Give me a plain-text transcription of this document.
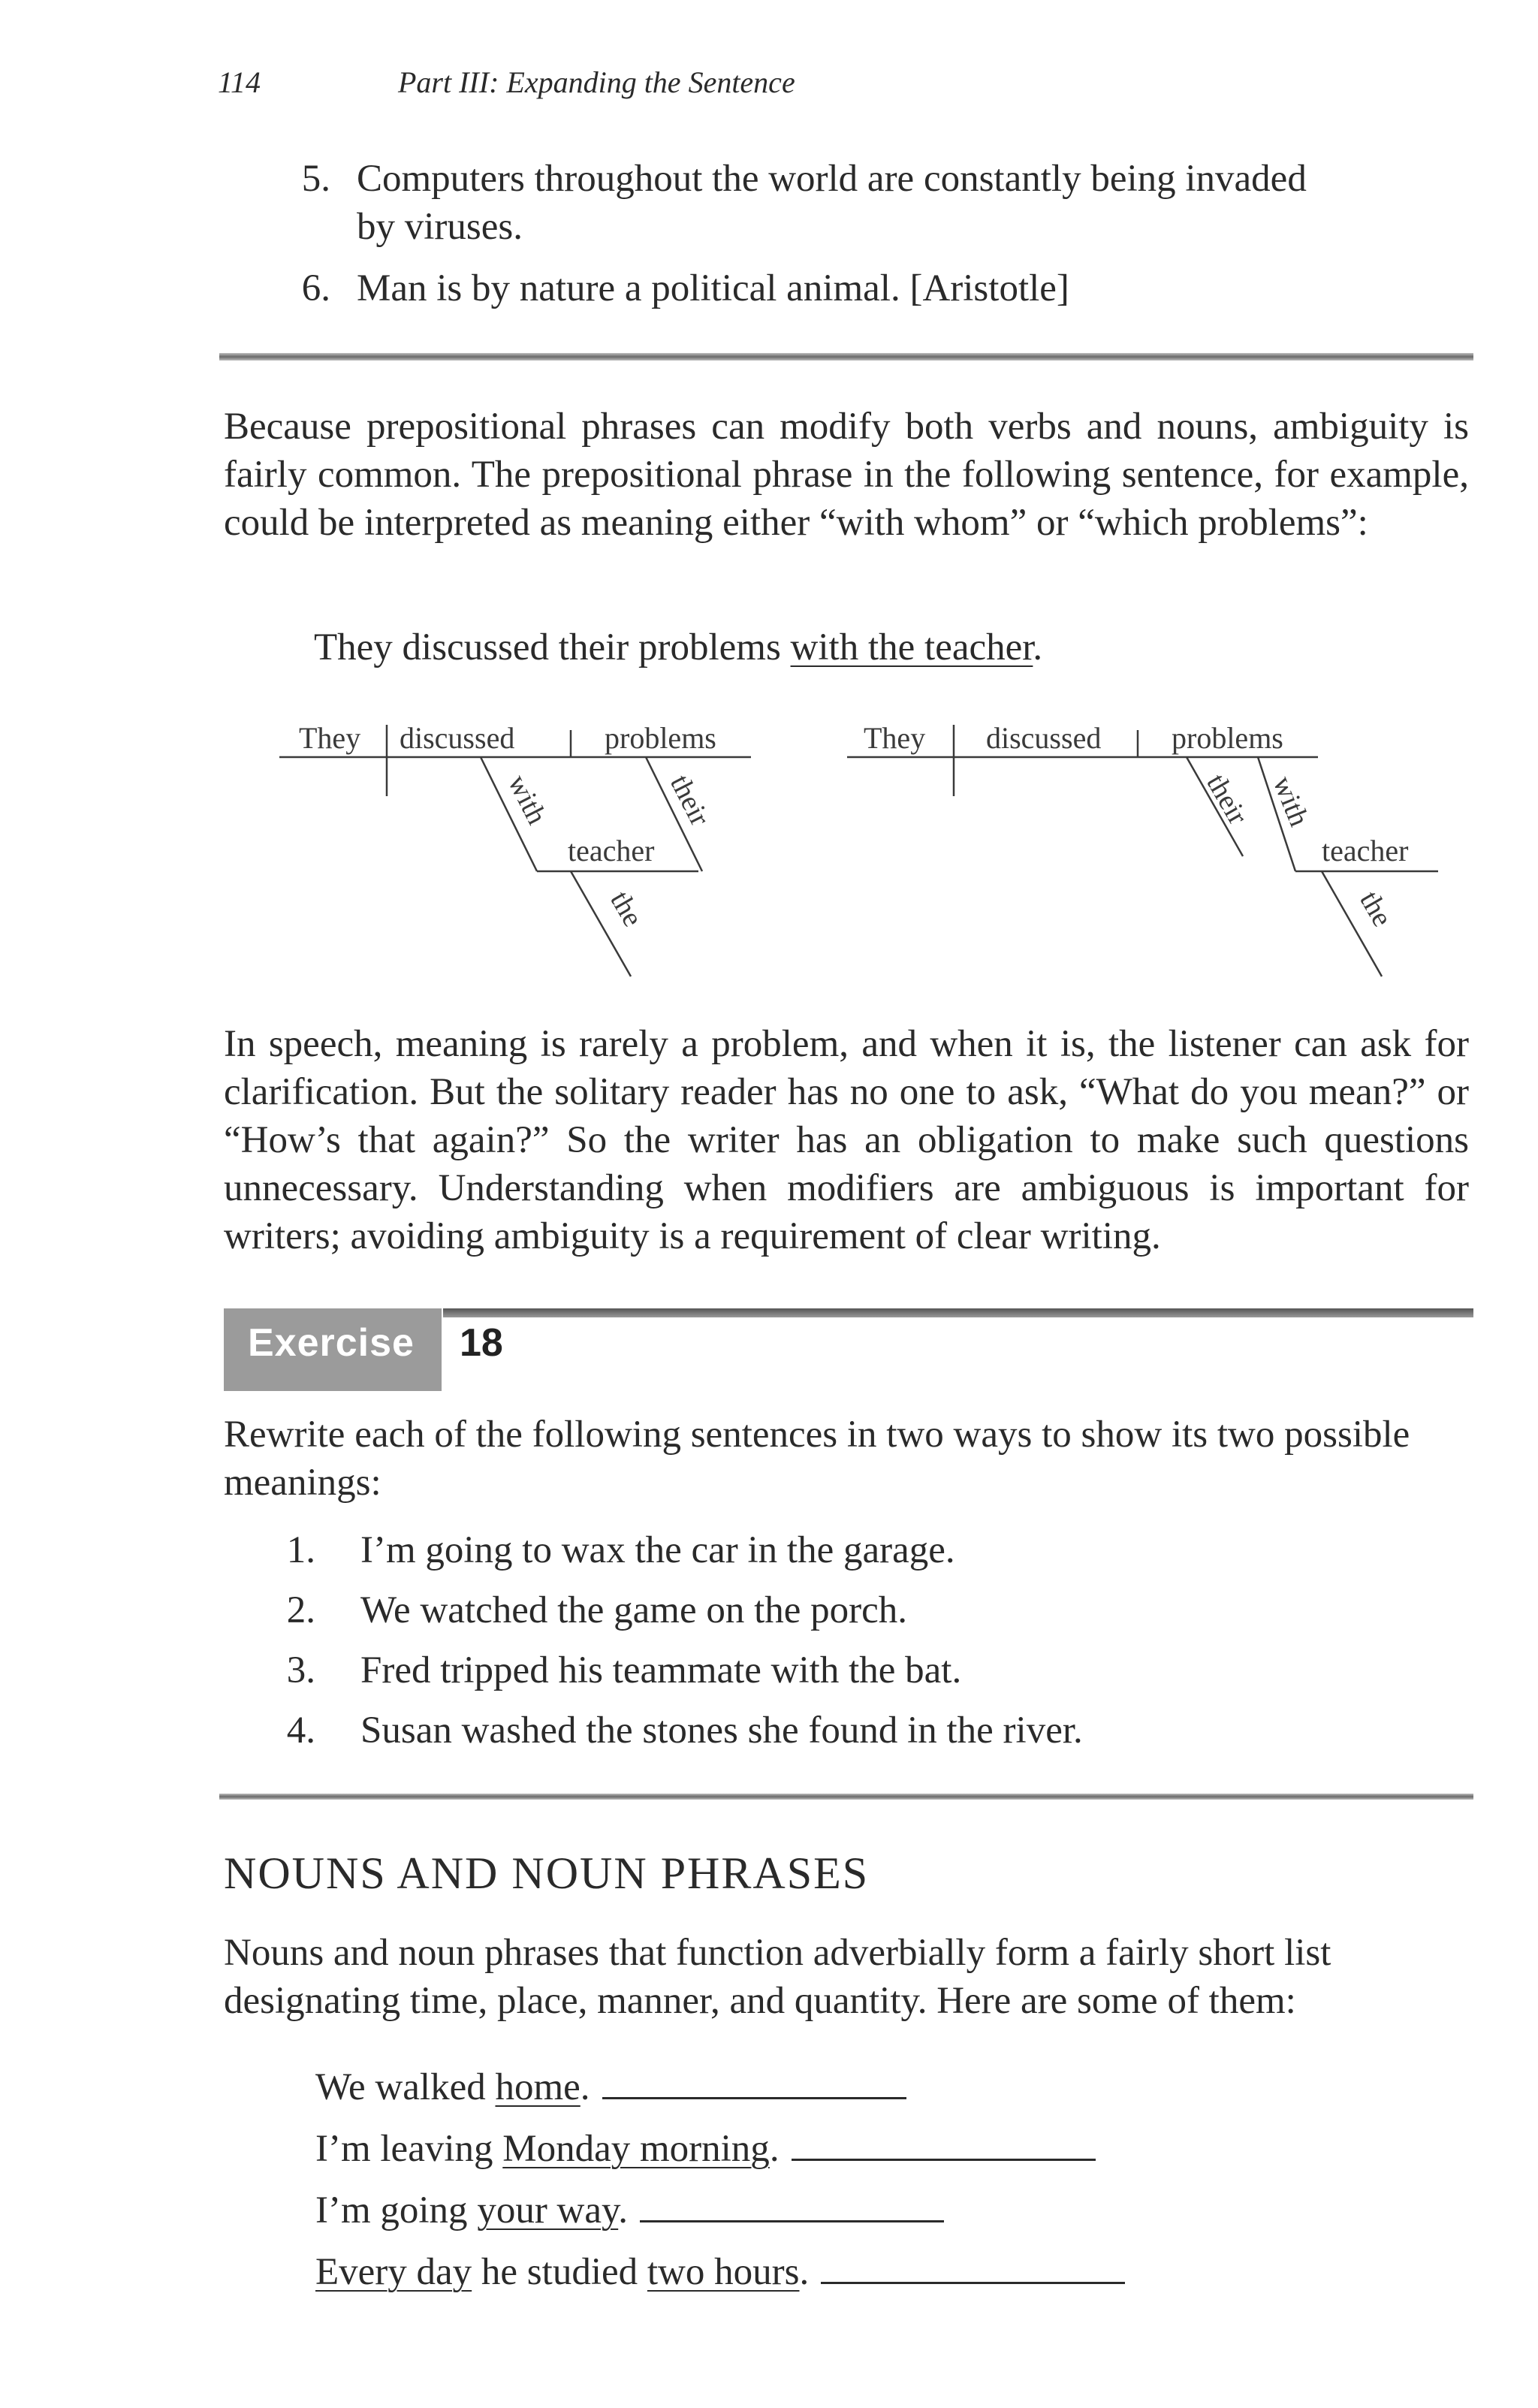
114	Part III: Expanding the Sentence
5. Computers throughout the world are constantly being invaded
by viruses.
6. Man is by nature a political animal. [Aristotle]
Because prepositional phrases can modify both verbs and nouns, ambiguity is fairly common. The prepositional phrase in the following sentence, for example, could be interpreted as meaning either “with whom” or “which problems”:
They discussed their problems with the teacher.
They discussed	problems
with	their
teacher
the
They discussed problems
their with
teacher
the
In speech, meaning is rarely a problem, and when it is, the listener can ask for clarification. But the solitary reader has no one to ask, “What do you mean?” or “How’s that again?” So the writer has an obligation to make such questions unnecessary. Understanding when modifiers are ambiguous is important for writers; avoiding ambiguity is a requirement of clear writing.
Exercise 18
Rewrite each of the following sentences in two ways to show its two possible meanings:
1. I’m going to wax the car in the garage.
2. We watched the game on the porch.
3. Fred tripped his teammate with the bat.
4. Susan washed the stones she found in the river.
NOUNS AND NOUN PHRASES
Nouns and noun phrases that function adverbially form a fairly short list designating time, place, manner, and quantity. Here are some of them:
We walked home.
I’m leaving Monday morning.
I’m going your way.
Every day he studied two hours.
